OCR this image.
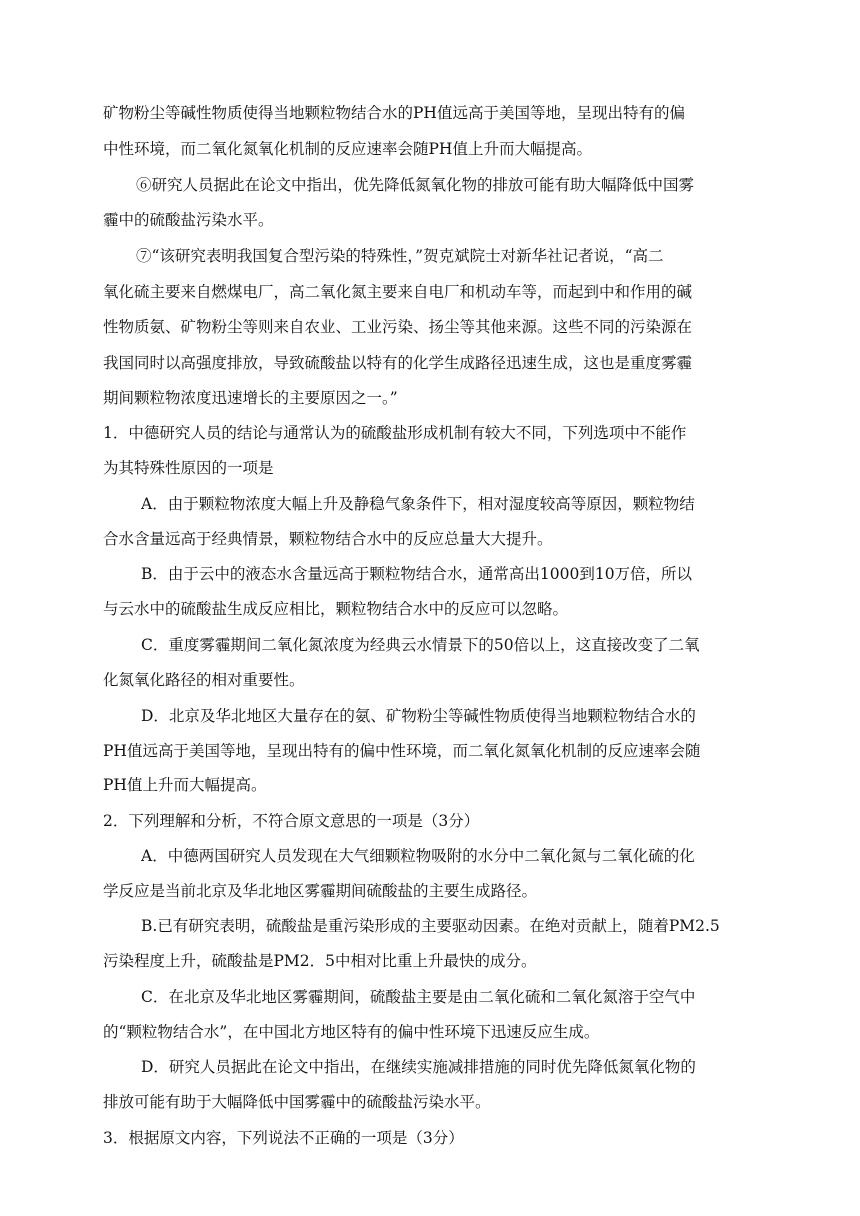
矿物粉尘等碱性物质使得当地颗粒物结合水的PH值远高于美国等地，呈现出特有的偏
中性环境，而二氧化氮氧化机制的反应速率会随PH值上升而大幅提高。
⑥研究人员据此在论文中指出，优先降低氮氧化物的排放可能有助大幅降低中国雾
霾中的硫酸盐污染水平。
⑦“该研究表明我国复合型污染的特殊性，”贺克斌院士对新华社记者说，“高二
氧化硫主要来自燃煤电厂，高二氧化氮主要来自电厂和机动车等，而起到中和作用的碱
性物质氨、矿物粉尘等则来自农业、工业污染、扬尘等其他来源。这些不同的污染源在
我国同时以高强度排放，导致硫酸盐以特有的化学生成路径迅速生成，这也是重度雾霾
期间颗粒物浓度迅速增长的主要原因之一。”
1．中德研究人员的结论与通常认为的硫酸盐形成机制有较大不同，下列选项中不能作
为其特殊性原因的一项是
A．由于颗粒物浓度大幅上升及静稳气象条件下，相对湿度较高等原因，颗粒物结
合水含量远高于经典情景，颗粒物结合水中的反应总量大大提升。
B．由于云中的液态水含量远高于颗粒物结合水，通常高出1000到10万倍，所以
与云水中的硫酸盐生成反应相比，颗粒物结合水中的反应可以忽略。
C．重度雾霾期间二氧化氮浓度为经典云水情景下的50倍以上，这直接改变了二氧
化氮氧化路径的相对重要性。
D．北京及华北地区大量存在的氨、矿物粉尘等碱性物质使得当地颗粒物结合水的
PH值远高于美国等地，呈现出特有的偏中性环境，而二氧化氮氧化机制的反应速率会随
PH值上升而大幅提高。
2．下列理解和分析，不符合原文意思的一项是（3分）
A．中德两国研究人员发现在大气细颗粒物吸附的水分中二氧化氮与二氧化硫的化
学反应是当前北京及华北地区雾霾期间硫酸盐的主要生成路径。
B.已有研究表明，硫酸盐是重污染形成的主要驱动因素。在绝对贡献上，随着PM2.5
污染程度上升，硫酸盐是PM2．5中相对比重上升最快的成分。
C．在北京及华北地区雾霾期间，硫酸盐主要是由二氧化硫和二氧化氮溶于空气中
的“颗粒物结合水”，在中国北方地区特有的偏中性环境下迅速反应生成。
D．研究人员据此在论文中指出，在继续实施减排措施的同时优先降低氮氧化物的
排放可能有助于大幅降低中国雾霾中的硫酸盐污染水平。
3．根据原文内容，下列说法不正确的一项是（3分）
